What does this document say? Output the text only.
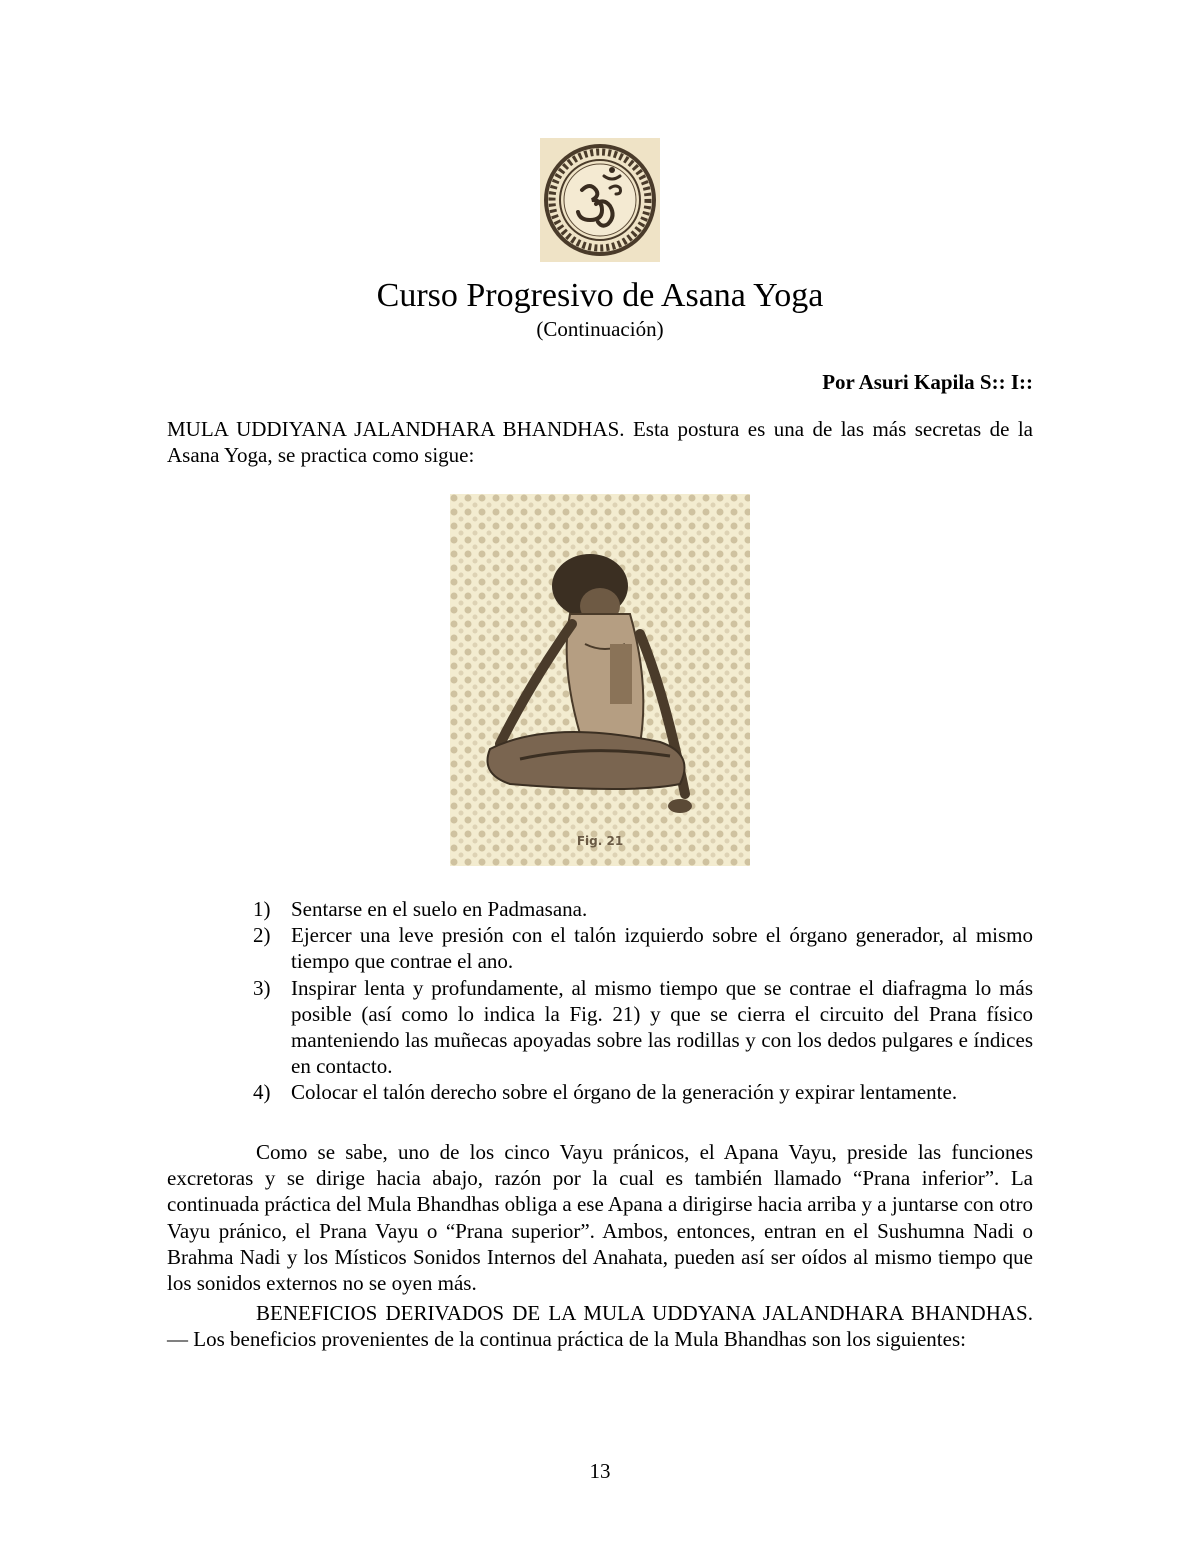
Curso Progresivo de Asana Yoga
(Continuación)
Por Asuri Kapila S:: I::

MULA UDDIYANA JALANDHARA BHANDHAS. Esta postura es una de las más secretas de la Asana Yoga, se practica como sigue:

Fig. 21
1) Sentarse en el suelo en Padmasana.
2) Ejercer una leve presión con el talón izquierdo sobre el órgano generador, al mismo tiempo que contrae el ano.
3) Inspirar lenta y profundamente, al mismo tiempo que se contrae el diafragma lo más posible (así como lo indica la Fig. 21) y que se cierra el circuito del Prana físico manteniendo las muñecas apoyadas sobre las rodillas y con los dedos pulgares e índices en contacto.
4) Colocar el talón derecho sobre el órgano de la generación y expirar lentamente.

Como se sabe, uno de los cinco Vayu pránicos, el Apana Vayu, preside las funciones excretoras y se dirige hacia abajo, razón por la cual es también llamado “Prana inferior”. La continuada práctica del Mula Bhandhas obliga a ese Apana a dirigirse hacia arriba y a juntarse con otro Vayu pránico, el Prana Vayu o “Prana superior”. Ambos, entonces, entran en el Sushumna Nadi o Brahma Nadi y los Místicos Sonidos Internos del Anahata, pueden así ser oídos al mismo tiempo que los sonidos externos no se oyen más.

BENEFICIOS DERIVADOS DE LA MULA UDDYANA JALANDHARA BHANDHAS.— Los beneficios provenientes de la continua práctica de la Mula Bhandhas son los siguientes:

13
